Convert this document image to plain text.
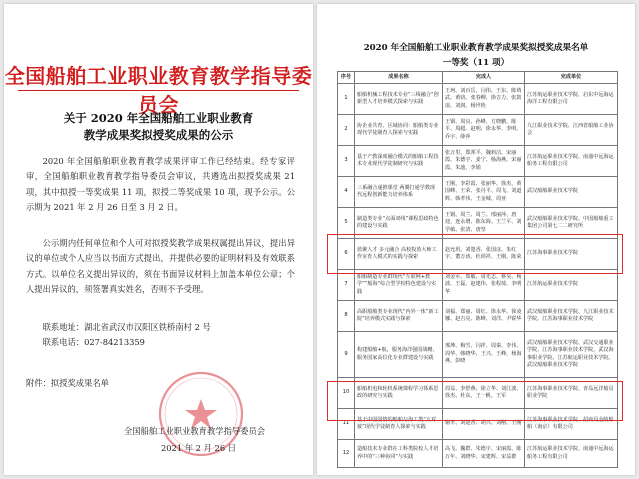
全国船舶工业职业教育教学指导委员会
关于 2020 年全国船舶工业职业教育
教学成果奖拟授奖成果的公示
2020 年全国船舶职业教育教学成果评审工作已经结束。经专家评审，全国船舶职业教育教学指导委员会审议，共遴选出拟授奖成果 21 项，其中拟授一等奖成果 11 项，拟授二等奖成果 10 项，现予公示。公示期为 2021 年 2 月 26 日至 3 月 2 日。
公示期内任何单位和个人可对拟授奖教学成果权属提出异议，提出异议的单位或个人应当以书面方式提出，并提供必要的证明材料及有效联系方式。以单位名义提出异议的，须在书面异议材料上加盖本单位公章；个人提出异议的，须签署真实姓名，否则不予受理。
联系地址：湖北省武汉市汉阳区铁桥南村 2 号
联系电话：027-84213359
附件：拟授奖成果名单
全国船舶工业职业教育教学指导委员会
2021 年 2 月 26 日
2020 年全国船舶工业职业教育教学成果奖拟授奖成果名单
一等奖（11 项）
序号	成果名称	完成人	完成单位
1	船舶机械工程技术专业“三线融合”创新型人才培养模式探索与实践	王珂、刘百岳、闫伟、王东、陈靖武、黄钧、张春柳、徐吉力、张鼓浪、刘润、杨世艳	江苏航运职业技术学院、启东中远海运海洋工程有限公司
2	协企业共育、区域协同：船舶类专业现代学徒制育人探索与实践	王钢、周良、孙峰、方晓鹏、陈平、周超、赵明、徐永华、李明、乔宇、薛萍	九江职业技术学院、江西省船舶工业协会
3	基于产教深度融合模式的船舶工程技术专业现代学徒制研究与实践	张万里、郑邦平、魏莉洁、宋丽霞、朱德宇、姜宁、杨海燕、宋丽霞、朱迪、李娟	江苏航运职业技术学院、南通中远海运船务工程有限公司
4	三系融合递推课堂 两翼打通学教现代远程创新能力培养体系	王刚、李彩霞、张丽华、徐杰、黄国峰、王荣、张丹平、周飞、刘道辉、韩孝伟、王金城、周亚	武汉船舶职业技术学院
5	制造类专业“点面双线”课程思政特色的建设与实践	王钢、周兰、周兰、邢丽萍、唐迎、连永增、陈东海、王兰平、刘学敏、张清、唐坚	武汉船舶职业技术学院、中国船舶重工集团公司第七二二研究所
6	蓝聚人才 多元融合 高校投放大师工作室育人模式的实践与探索	赵允玥、刘楚香、张国彦、朱红宇、董万涛、杜训祥、王刚、陈荣	江苏海事职业技术学院
7	船舶制造专业群现代“互联网+教学”“船海”综合型学校特色建设与实践	刘金军、郑敏、周光志、蔡昊、杨波、王磊、赵建伟、张程琦、李明华	江苏航运职业技术学院
8	高职船舶类专业现代“内外一体”新工院“培养模式实践与探索	刘福、郑丽、周红、徐永华、徐凌娜、赵吉亮、陈峰、刘洋、尹锐华	武汉船舶职业技术学院、九江职业技术学院、江苏海事职业技术学院
9	构建船舶+航，服务海洋强国战略，服务国家高位化专业群建设与实践	邢坤、梅雪、闫祥、周秦、李伟、周华、韩晓华、王兴、王峰、杨海燕、彭晓	武汉船舶职业技术学院、武汉交通职业学院、江苏海事职业技术学院、武汉海事职业学院、江苏航运职业技术学院、武汉船舶职业技术学院
10	船舶机电和轮机系统课程学习体系思政的研究与实践	周益、李舒燕、徐立华、刘江波、徐杰、杜东、王一帆、王军	江苏海事职业技术学院、青岛远洋船员职业学院
11	基于中国国情的船舶与海工类“五对接”现代学徒制育人探索与实践	谢孝、刘楚香、胡兴、刘刚、王刚	江苏海事职业技术学院、招商局金陵船舶（南京）有限公司
12	造船技术专业群在工科类院校人才培养中的“三种协同”与实践	高飞、魏群、朱德宇、宋丽霞、陈万年、刘晓华、宋建辉、宋益群	江苏航运职业技术学院、南通中远海运船务工程有限公司
